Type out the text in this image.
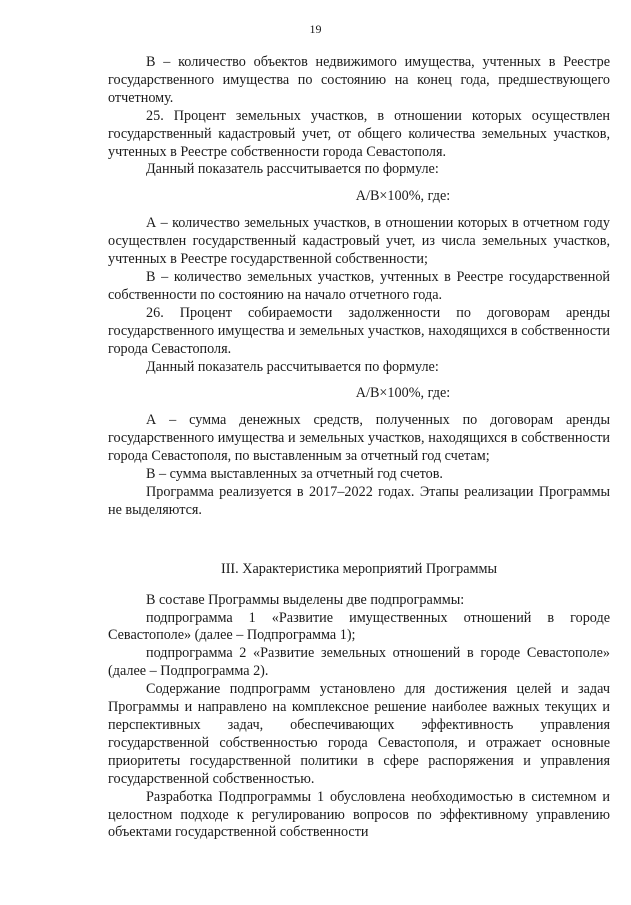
19

В – количество объектов недвижимого имущества, учтенных в Реестре государственного имущества по состоянию на конец года, предшествующего отчетному.

25. Процент земельных участков, в отношении которых осуществлен государственный кадастровый учет, от общего количества земельных участков, учтенных в Реестре собственности города Севастополя.

Данный показатель рассчитывается по формуле:

А/В×100%, где:

А – количество земельных участков, в отношении которых в отчетном году осуществлен государственный кадастровый учет, из числа земельных участков, учтенных в Реестре государственной собственности;

В – количество земельных участков, учтенных в Реестре государственной собственности по состоянию на начало отчетного года.

26. Процент собираемости задолженности по договорам аренды государственного имущества и земельных участков, находящихся в собственности города Севастополя.

Данный показатель рассчитывается по формуле:

А/В×100%, где:

А – сумма денежных средств, полученных по договорам аренды государственного имущества и земельных участков, находящихся в собственности города Севастополя, по выставленным за отчетный год счетам;

В – сумма выставленных за отчетный год счетов.

Программа реализуется в 2017–2022 годах. Этапы реализации Программы не выделяются.

III. Характеристика мероприятий Программы

В составе Программы выделены две подпрограммы:

подпрограмма 1 «Развитие имущественных отношений в городе Севастополе» (далее – Подпрограмма 1);

подпрограмма 2 «Развитие земельных отношений в городе Севастополе» (далее – Подпрограмма 2).

Содержание подпрограмм установлено для достижения целей и задач Программы и направлено на комплексное решение наиболее важных текущих и перспективных задач, обеспечивающих эффективность управления государственной собственностью города Севастополя, и отражает основные приоритеты государственной политики в сфере распоряжения и управления государственной собственностью.

Разработка Подпрограммы 1 обусловлена необходимостью в системном и целостном подходе к регулированию вопросов по эффективному управлению объектами государственной собственности
